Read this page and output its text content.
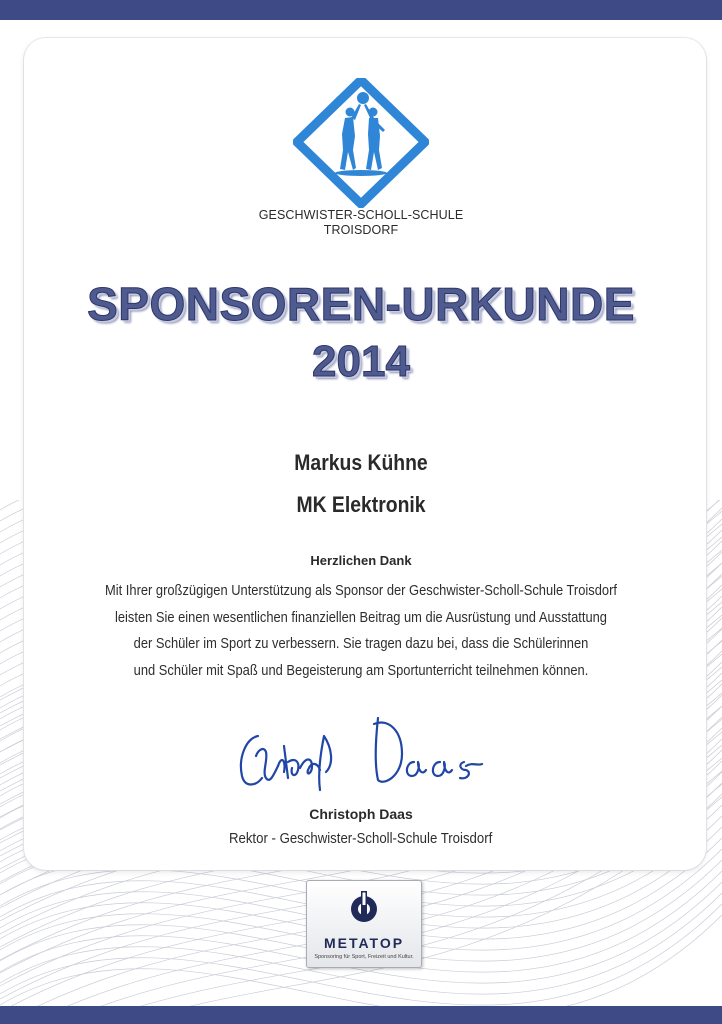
GESCHWISTER-SCHOLL-SCHULE
TROISDORF
SPONSOREN-URKUNDE
2014
Markus Kühne
MK Elektronik
Herzlichen Dank
Mit Ihrer großzügigen Unterstützung als Sponsor der Geschwister-Scholl-Schule Troisdorf
leisten Sie einen wesentlichen finanziellen Beitrag um die Ausrüstung und Ausstattung
der Schüler im Sport zu verbessern. Sie tragen dazu bei, dass die Schülerinnen
und Schüler mit Spaß und Begeisterung am Sportunterricht teilnehmen können.
Christoph Daas
Rektor - Geschwister-Scholl-Schule Troisdorf
METATOP
Sponsoring für Sport, Freizeit und Kultur.
